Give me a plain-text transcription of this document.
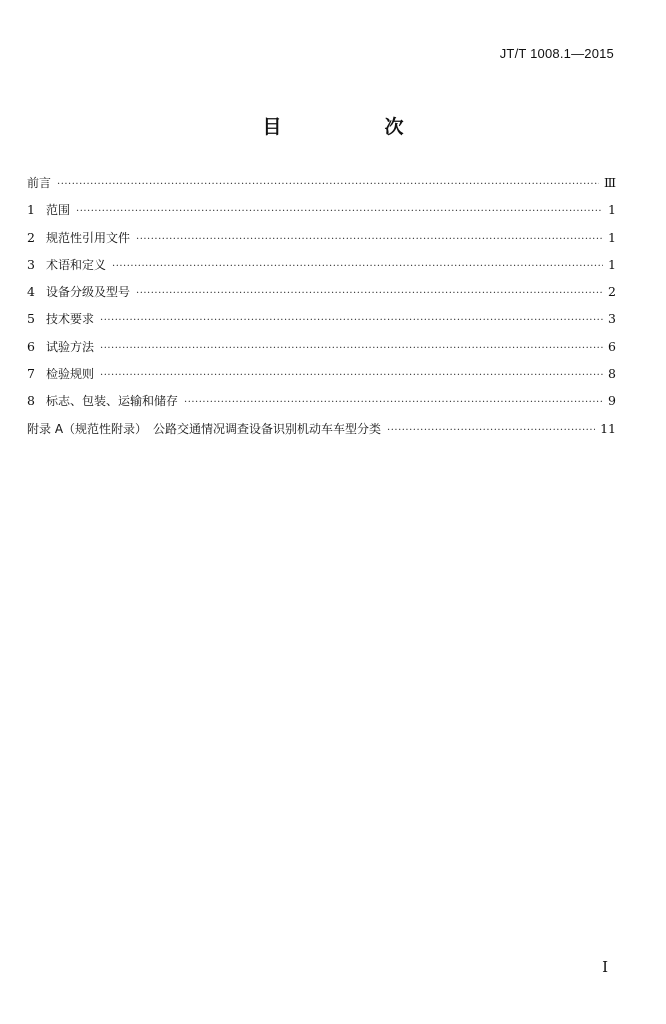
JT/T 1008.1—2015
目　次
前言 ·····	Ⅲ
1 范围 ·····	1
2 规范性引用文件 ·····	1
3 术语和定义 ·····	1
4 设备分级及型号 ·····	2
5 技术要求 ·····	3
6 试验方法 ·····	6
7 检验规则 ·····	8
8 标志、包装、运输和储存 ·····	9
附录 A（规范性附录）　公路交通情况调查设备识别机动车车型分类 ·····	11
I
